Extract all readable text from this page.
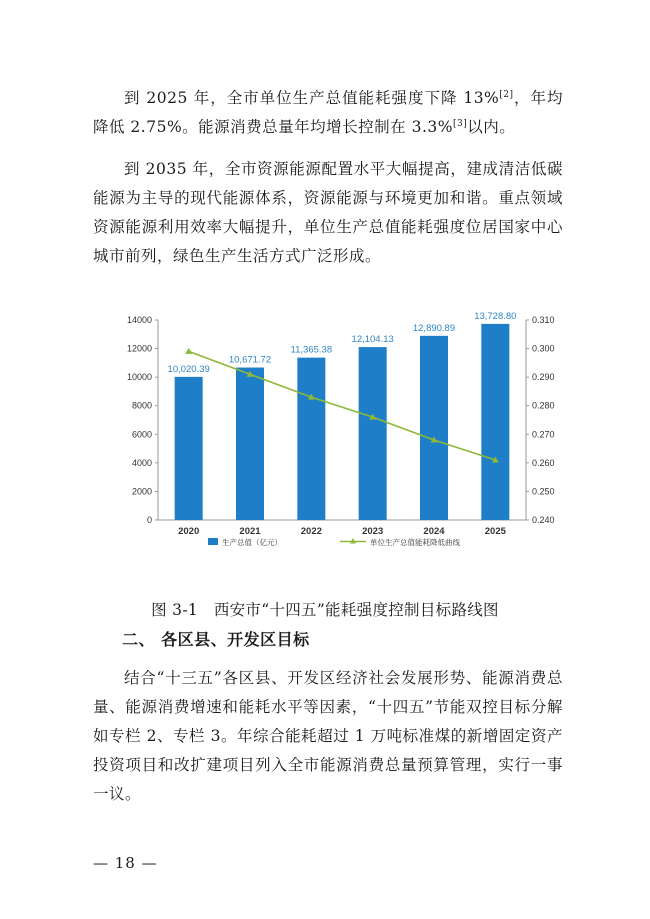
到 2025 年，全市单位生产总值能耗强度下降 13%[2]，年均降低 2.75%。能源消费总量年均增长控制在 3.3%[3]以内。

到 2035 年，全市资源能源配置水平大幅提高，建成清洁低碳能源为主导的现代能源体系，资源能源与环境更加和谐。重点领域资源能源利用效率大幅提升，单位生产总值能耗强度位居国家中心城市前列，绿色生产生活方式广泛形成。

0
2000
4000
6000
8000
10000
12000
14000
0.240
0.250
0.260
0.270
0.280
0.290
0.300
0.310
10,020.39
10,671.72
11,365.38
12,104.13
12,890.89
13,728.80
2020	2021	2022	2023	2024	2025
生产总值（亿元）	单位生产总值能耗降低曲线
图 3-1　西安市“十四五”能耗强度控制目标路线图
二、 各区县、开发区目标

结合“十三五”各区县、开发区经济社会发展形势、能源消费总量、能源消费增速和能耗水平等因素，“十四五”节能双控目标分解如专栏 2、专栏 3。年综合能耗超过 1 万吨标准煤的新增固定资产投资项目和改扩建项目列入全市能源消费总量预算管理，实行一事一议。

— 18 —
